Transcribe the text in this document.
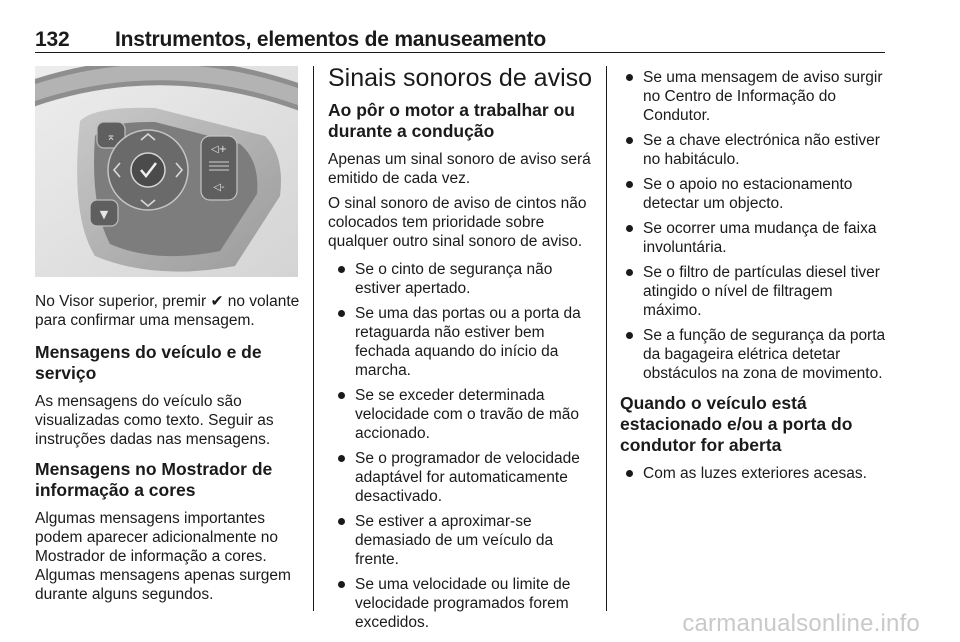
132 Instrumentos, elementos de manuseamento
⌅
▼
◁+
◁-

No Visor superior, premir ✔ no volante para confirmar uma mensagem.

Mensagens do veículo e de serviço

As mensagens do veículo são visualizadas como texto. Seguir as instruções dadas nas mensagens.

Mensagens no Mostrador de informação a cores

Algumas mensagens importantes podem aparecer adicionalmente no Mostrador de informação a cores. Algumas mensagens apenas surgem durante alguns segundos.

Sinais sonoros de aviso
Ao pôr o motor a trabalhar ou durante a condução

Apenas um sinal sonoro de aviso será emitido de cada vez.

O sinal sonoro de aviso de cintos não colocados tem prioridade sobre qualquer outro sinal sonoro de aviso.

Se o cinto de segurança não estiver apertado.
Se uma das portas ou a porta da retaguarda não estiver bem fechada aquando do início da marcha.
Se se exceder determinada velocidade com o travão de mão accionado.
Se o programador de velocidade adaptável for automaticamente desactivado.
Se estiver a aproximar-se demasiado de um veículo da frente.
Se uma velocidade ou limite de velocidade programados forem excedidos.
Se uma mensagem de aviso surgir no Centro de Informação do Condutor.
Se a chave electrónica não estiver no habitáculo.
Se o apoio no estacionamento detectar um objecto.
Se ocorrer uma mudança de faixa involuntária.
Se o filtro de partículas diesel tiver atingido o nível de filtragem máximo.
Se a função de segurança da porta da bagageira elétrica detetar obstáculos na zona de movimento.
Quando o veículo está estacionado e/ou a porta do condutor for aberta
Com as luzes exteriores acesas.
carmanualsonline.info
